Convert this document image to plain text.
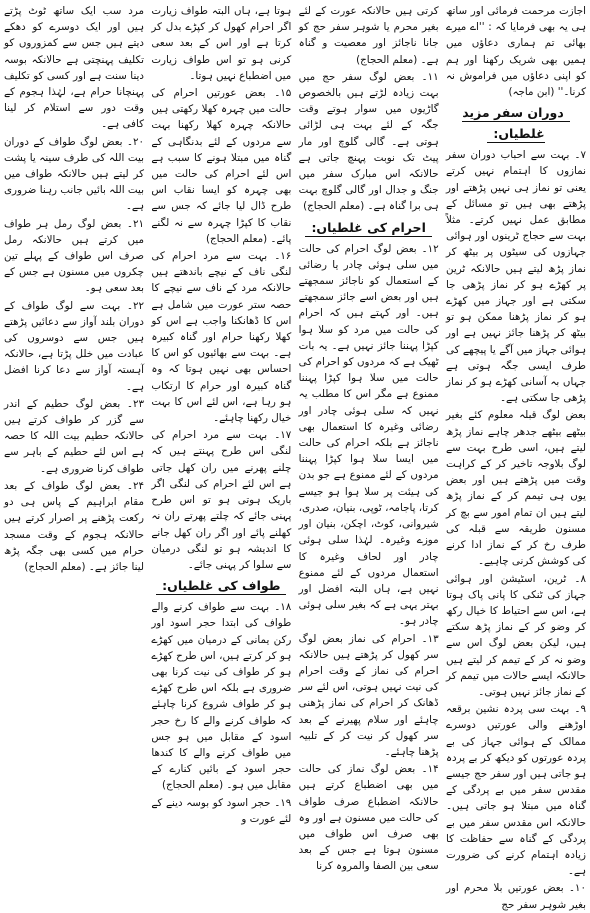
اجازت مرحمت فرمائی اور ساتھ ہی یہ بھی فرمایا کہ : ''اے میرے بھائی تم ہماری دعاؤں میں ہمیں بھی شریک رکھنا اور ہم کو اپنی دعاؤں میں فراموش نہ کرنا۔'' (ابن ماجہ)

دوران سفر مزید غلطیاں:

۷۔ بہت سے احباب دوران سفر نمازوں کا اہتمام نہیں کرتے یعنی تو نماز ہی نہیں پڑھتے اور پڑھتے بھی ہیں تو مسائل کے مطابق عمل نہیں کرتے۔ مثلاً بہت سے حجاج ٹرینوں اور ہوائی جہازوں کی سیٹوں پر بیٹھ کر نماز پڑھ لیتے ہیں حالانکہ ٹرین پر کھڑے ہو کر نماز پڑھی جا سکتی ہے اور جہاز میں کھڑے ہو کر نماز پڑھنا ممکن ہو تو بیٹھ کر پڑھنا جائز نہیں ہے اور ہوائی جہاز میں آگے یا پیچھے کی طرف ایسی جگہ ہوتی ہے جہاں بہ آسانی کھڑے ہو کر نماز پڑھی جا سکتی ہے۔

بعض لوگ قبلہ معلوم کئے بغیر بیٹھے بیٹھے جدھر چاہے نماز پڑھ لیتے ہیں، اسی طرح بہت سے لوگ بلاوجہ تاخیر کر کے کراہت وقت میں پڑھتے ہیں اور بعض یوں ہی تیمم کر کے نماز پڑھ لیتے ہیں ان تمام امور سے بچ کر مسنون طریقہ سے قبلہ کی طرف رخ کر کے نماز ادا کرنے کی کوشش کرنی چاہیے۔

۸۔ ٹرین، اسٹیشن اور ہوائی جہاز کی ٹنکی کا پانی پاک ہوتا ہے، اس سے احتیاط کا خیال رکھ کر وضو کر کے نماز پڑھ سکتے ہیں، لیکن بعض لوگ اس سے وضو نہ کر کے تیمم کر لیتے ہیں حالانکہ ایسے حالات میں تیمم کر کے نماز جائز نہیں ہوتی۔

۹۔ بہت سی پردہ نشین برقعہ اوڑھنے والی عورتیں دوسرے ممالک کے ہوائی جہاز کی بے پردہ عورتوں کو دیکھ کر بے پردہ ہو جاتی ہیں اور سفر حج جیسے مقدس سفر میں بے پردگی کے گناہ میں مبتلا ہو جاتی ہیں۔ حالانکہ اس مقدس سفر میں بے پردگی کے گناہ سے حفاظت کا زیادہ اہتمام کرنے کی ضرورت ہے۔

۱۰۔ بعض عورتیں بلا محرم اور بغیر شوہر سفر حج

کرتی ہیں حالانکہ عورت کے لئے بغیر محرم یا شوہر سفر حج کو جانا ناجائز اور معصیت و گناہ ہے۔ (معلم الحجاج)

۱۱۔ بعض لوگ سفر حج میں بہت زیادہ لڑتے ہیں بالخصوص گاڑیوں میں سوار ہوتے وقت جگہ کے لئے بہت ہی لڑائی ہوتی ہے۔ گالی گلوچ اور مار پیٹ تک نوبت پہنچ جاتی ہے حالانکہ اس مبارک سفر میں جنگ و جدال اور گالی گلوچ بہت ہی برا گناہ ہے۔ (معلم الحجاج)

احرام کی غلطیاں:

۱۲۔ بعض لوگ احرام کی حالت میں سلی ہوئی چادر یا رضائی کے استعمال کو ناجائز سمجھتے ہیں اور بعض اسے جائز سمجھتے ہیں۔ اور کہتے ہیں کہ احرام کی حالت میں مرد کو سلا ہوا کپڑا پہننا جائز نہیں ہے۔ یہ بات ٹھیک ہے کہ مردوں کو احرام کی حالت میں سلا ہوا کپڑا پہننا ممنوع ہے مگر اس کا مطلب یہ نہیں کہ سلی ہوئی چادر اور رضائی وغیرہ کا استعمال بھی ناجائز ہے بلکہ احرام کی حالت میں ایسا سلا ہوا کپڑا پہننا مردوں کے لئے ممنوع ہے جو بدن کی ہیئت پر سلا ہوا ہو جیسے کرتا، پاجامہ، ٹوپی، بنیان، صدری، شیروانی، کوٹ، اچکن، بنیان اور موزے وغیرہ۔ لہٰذا سلی ہوئی چادر اور لحاف وغیرہ کا استعمال مردوں کے لئے ممنوع نہیں ہے، ہاں البتہ افضل اور بہتر یہی ہے کہ بغیر سلی ہوئی چادر ہو۔

۱۳۔ احرام کی نماز بعض لوگ سر کھول کر پڑھتے ہیں حالانکہ احرام کی نماز کے وقت احرام کی نیت نہیں ہوتی، اس لئے سر ڈھانک کر احرام کی نماز پڑھنی چاہئے اور سلام پھیرنے کے بعد سر کھول کر نیت کر کے تلبیہ پڑھنا چاہئے۔

۱۴۔ بعض لوگ نماز کی حالت میں بھی اضطباع کرتے ہیں حالانکہ اضطباع صرف طواف کی حالت میں مسنون ہے اور وہ بھی صرف اس طواف میں مسنون ہوتا ہے جس کے بعد سعی بین الصفا والمروہ کرنا

ہوتا ہے، ہاں البتہ طواف زیارت اگر احرام کھول کر کپڑے بدل کر کرتا ہے اور اس کے بعد سعی کرنی ہو تو اس طواف زیارت میں اضطباع نہیں ہوتا۔

۱۵۔ بعض عورتیں احرام کی حالت میں چہرہ کھلا رکھتی ہیں حالانکہ چہرہ کھلا رکھنا بہت سے مردوں کے لئے بدنگاہی کے گناہ میں مبتلا ہونے کا سبب ہے اس لئے احرام کی حالت میں بھی چہرہ کو ایسا نقاب اس طرح ڈال لیا جائے کہ جس سے نقاب کا کپڑا چہرہ سے نہ لگنے پائے۔ (معلم الحجاج)

۱۶۔ بہت سے مرد احرام کی لنگی ناف کے نیچے باندھتے ہیں حالانکہ مرد کے ناف سے نیچے کا حصہ ستر عورت میں شامل ہے اس کا ڈھانکنا واجب ہے اس کو کھلا رکھنا حرام اور گناہ کبیرہ ہے۔ بہت سے بھائیوں کو اس کا احساس بھی نہیں ہوتا کہ وہ گناہ کبیرہ اور حرام کا ارتکاب ہو رہا ہے، اس لئے اس کا بہت خیال رکھنا چاہئے۔

۱۷۔ بہت سے مرد احرام کی لنگی اس طرح پہنتے ہیں کہ چلنے پھرنے میں ران کھل جاتی ہے اس لئے احرام کی لنگی اگر باریک ہوتی ہو تو اس طرح پہنی جائے کہ چلتے پھرتے ران نہ کھلنے پائے اور اگر ران کھل جانے کا اندیشہ ہو تو لنگی درمیان سے سلوا کر پہنی جائے۔

طواف کی غلطیاں:

۱۸۔ بہت سے طواف کرنے والے طواف کی ابتدا حجر اسود اور رکن یمانی کے درمیان میں کھڑے ہو کر کرتے ہیں، اس طرح کھڑے ہو کر طواف کی نیت کرنا بھی ضروری ہے بلکہ اس طرح کھڑے ہو کر طواف شروع کرنا چاہئے کہ طواف کرنے والے کا رخ حجر اسود کے مقابل میں ہو جس میں طواف کرنے والے کا کندھا حجر اسود کے بائیں کنارے کے مقابل میں ہو۔ (معلم الحجاج)

۱۹۔ حجر اسود کو بوسہ دینے کے لئے عورت و

مرد سب ایک ساتھ ٹوٹ پڑتے ہیں اور ایک دوسرے کو دھکے دیتے ہیں جس سے کمزوروں کو تکلیف پہنچتی ہے حالانکہ بوسہ دینا سنت ہے اور کسی کو تکلیف پہنچانا حرام ہے، لہٰذا ہجوم کے وقت دور سے استلام کر لینا کافی ہے۔

۲۰۔ بعض لوگ طواف کے دوران بیت اللہ کی طرف سینہ یا پشت کر لیتے ہیں حالانکہ طواف میں بیت اللہ بائیں جانب رہنا ضروری ہے۔

۲۱۔ بعض لوگ رمل ہر طواف میں کرتے ہیں حالانکہ رمل صرف اس طواف کے پہلے تین چکروں میں مسنون ہے جس کے بعد سعی ہو۔

۲۲۔ بہت سے لوگ طواف کے دوران بلند آواز سے دعائیں پڑھتے ہیں جس سے دوسروں کی عبادت میں خلل پڑتا ہے، حالانکہ آہستہ آواز سے دعا کرنا افضل ہے۔

۲۳۔ بعض لوگ حطیم کے اندر سے گزر کر طواف کرتے ہیں حالانکہ حطیم بیت اللہ کا حصہ ہے اس لئے حطیم کے باہر سے طواف کرنا ضروری ہے۔

۲۴۔ بعض لوگ طواف کے بعد مقام ابراہیم کے پاس ہی دو رکعت پڑھنے پر اصرار کرتے ہیں حالانکہ ہجوم کے وقت مسجد حرام میں کسی بھی جگہ پڑھ لینا جائز ہے۔ (معلم الحجاج)
